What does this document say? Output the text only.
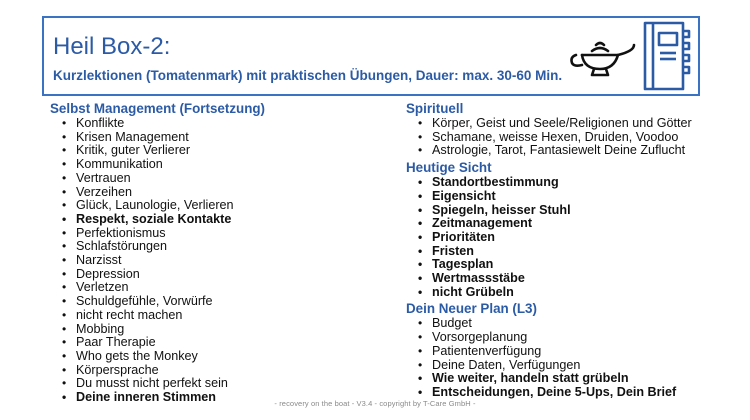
Heil Box-2:
Kurzlektionen (Tomatenmark) mit praktischen Übungen, Dauer: max. 30-60 Min.
Selbst Management (Fortsetzung)
• Konflikte
• Krisen Management
• Kritik, guter Verlierer
• Kommunikation
• Vertrauen
• Verzeihen
• Glück, Launologie, Verlieren
• Respekt, soziale Kontakte
• Perfektionismus
• Schlafstörungen
• Narzisst
• Depression
• Verletzen
• Schuldgefühle, Vorwürfe
• nicht recht machen
• Mobbing
• Paar Therapie
• Who gets the Monkey
• Körpersprache
• Du musst nicht perfekt sein
• Deine inneren Stimmen
Spirituell
• Körper, Geist und Seele/Religionen und Götter
• Schamane, weisse Hexen, Druiden, Voodoo
• Astrologie, Tarot, Fantasiewelt Deine Zuflucht
Heutige Sicht
• Standortbestimmung
• Eigensicht
• Spiegeln, heisser Stuhl
• Zeitmanagement
• Prioritäten
• Fristen
• Tagesplan
• Wertmassstäbe
• nicht Grübeln
Dein Neuer Plan (L3)
• Budget
• Vorsorgeplanung
• Patientenverfügung
• Deine Daten, Verfügungen
• Wie weiter, handeln statt grübeln
• Entscheidungen, Deine 5-Ups, Dein Brief
- recovery on the boat - V3.4 - copyright by T-Care GmbH -
